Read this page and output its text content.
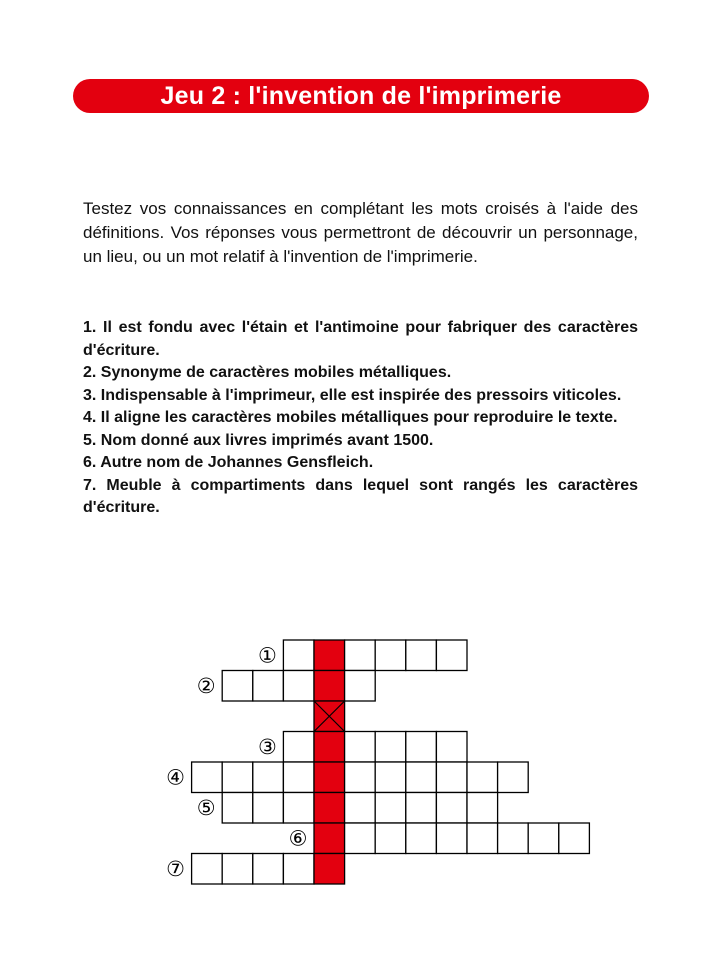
Jeu 2 : l'invention de l'imprimerie

Testez vos connaissances en complétant les mots croisés à l'aide des définitions. Vos réponses vous permettront de découvrir un personnage, un lieu, ou un mot relatif à l'invention de l'imprimerie.

1. Il est fondu avec l'étain et l'antimoine pour fabriquer des caractères d'écriture.
2. Synonyme de caractères mobiles métalliques.
3. Indispensable à l'imprimeur, elle est inspirée des pressoirs viticoles.
4. Il aligne les caractères mobiles métalliques pour reproduire le texte.
5. Nom donné aux livres imprimés avant 1500.
6. Autre nom de Johannes Gensfleich.
7. Meuble à compartiments dans lequel sont rangés les caractères d'écriture.
①
②
③
④
⑤
⑥
⑦
